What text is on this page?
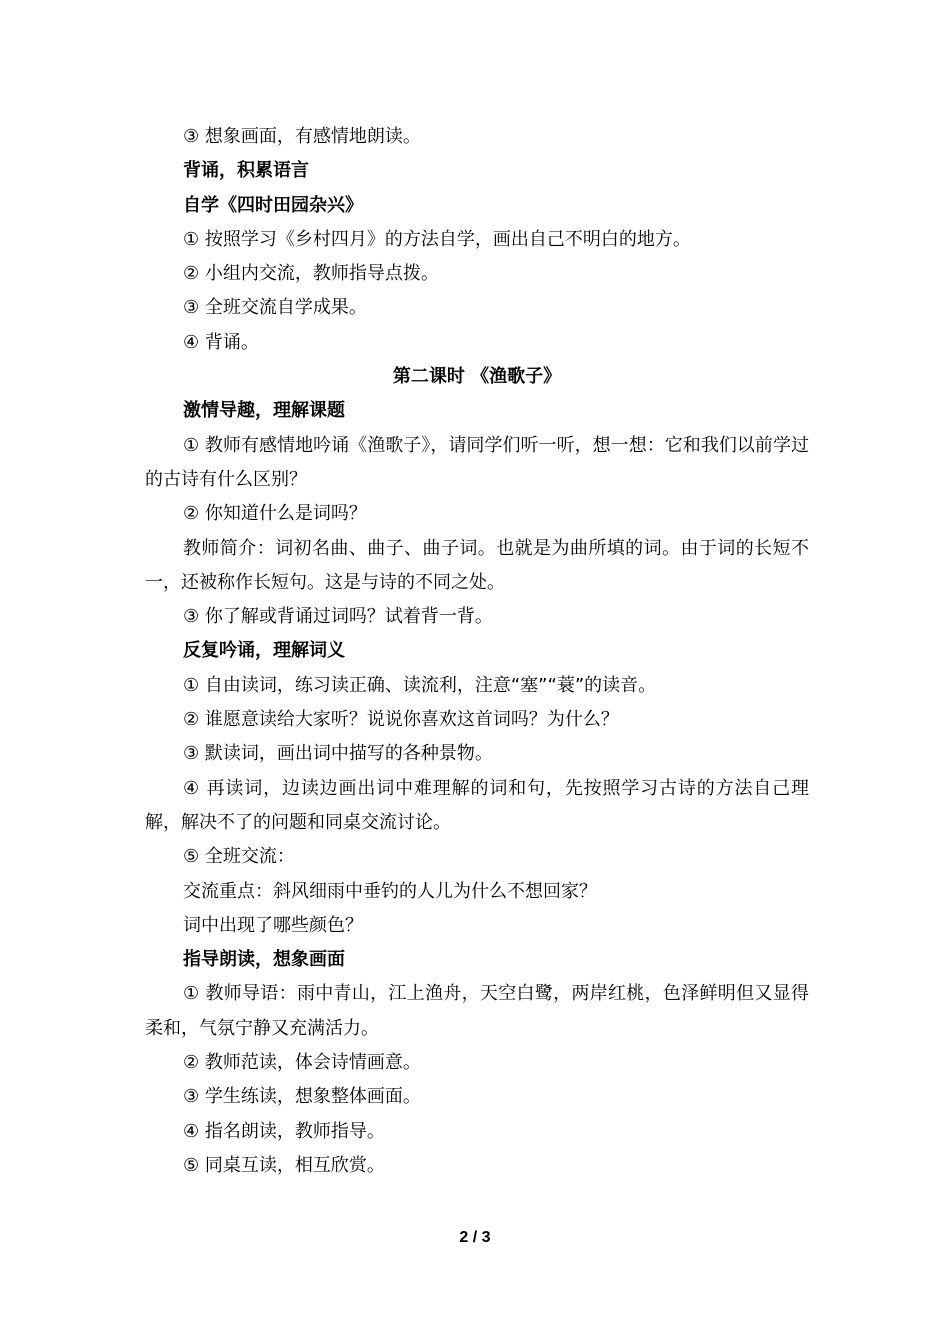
③ 想象画面，有感情地朗读。

背诵，积累语言

自学《四时田园杂兴》

① 按照学习《乡村四月》的方法自学，画出自己不明白的地方。

② 小组内交流，教师指导点拨。

③ 全班交流自学成果。

④ 背诵。

第二课时 《渔歌子》

激情导趣，理解课题

① 教师有感情地吟诵《渔歌子》，请同学们听一听，想一想：它和我们以前学过的古诗有什么区别？

② 你知道什么是词吗？

教师简介：词初名曲、曲子、曲子词。也就是为曲所填的词。由于词的长短不一，还被称作长短句。这是与诗的不同之处。

③ 你了解或背诵过词吗？试着背一背。

反复吟诵，理解词义

① 自由读词，练习读正确、读流利，注意“塞”“蓑”的读音。

② 谁愿意读给大家听？说说你喜欢这首词吗？为什么？

③ 默读词，画出词中描写的各种景物。

④ 再读词，边读边画出词中难理解的词和句，先按照学习古诗的方法自己理解，解决不了的问题和同桌交流讨论。

⑤ 全班交流：

交流重点：斜风细雨中垂钓的人儿为什么不想回家？

词中出现了哪些颜色？

指导朗读，想象画面

① 教师导语：雨中青山，江上渔舟，天空白鹭，两岸红桃，色泽鲜明但又显得柔和，气氛宁静又充满活力。

② 教师范读，体会诗情画意。

③ 学生练读，想象整体画面。

④ 指名朗读，教师指导。

⑤ 同桌互读，相互欣赏。

2 / 3
